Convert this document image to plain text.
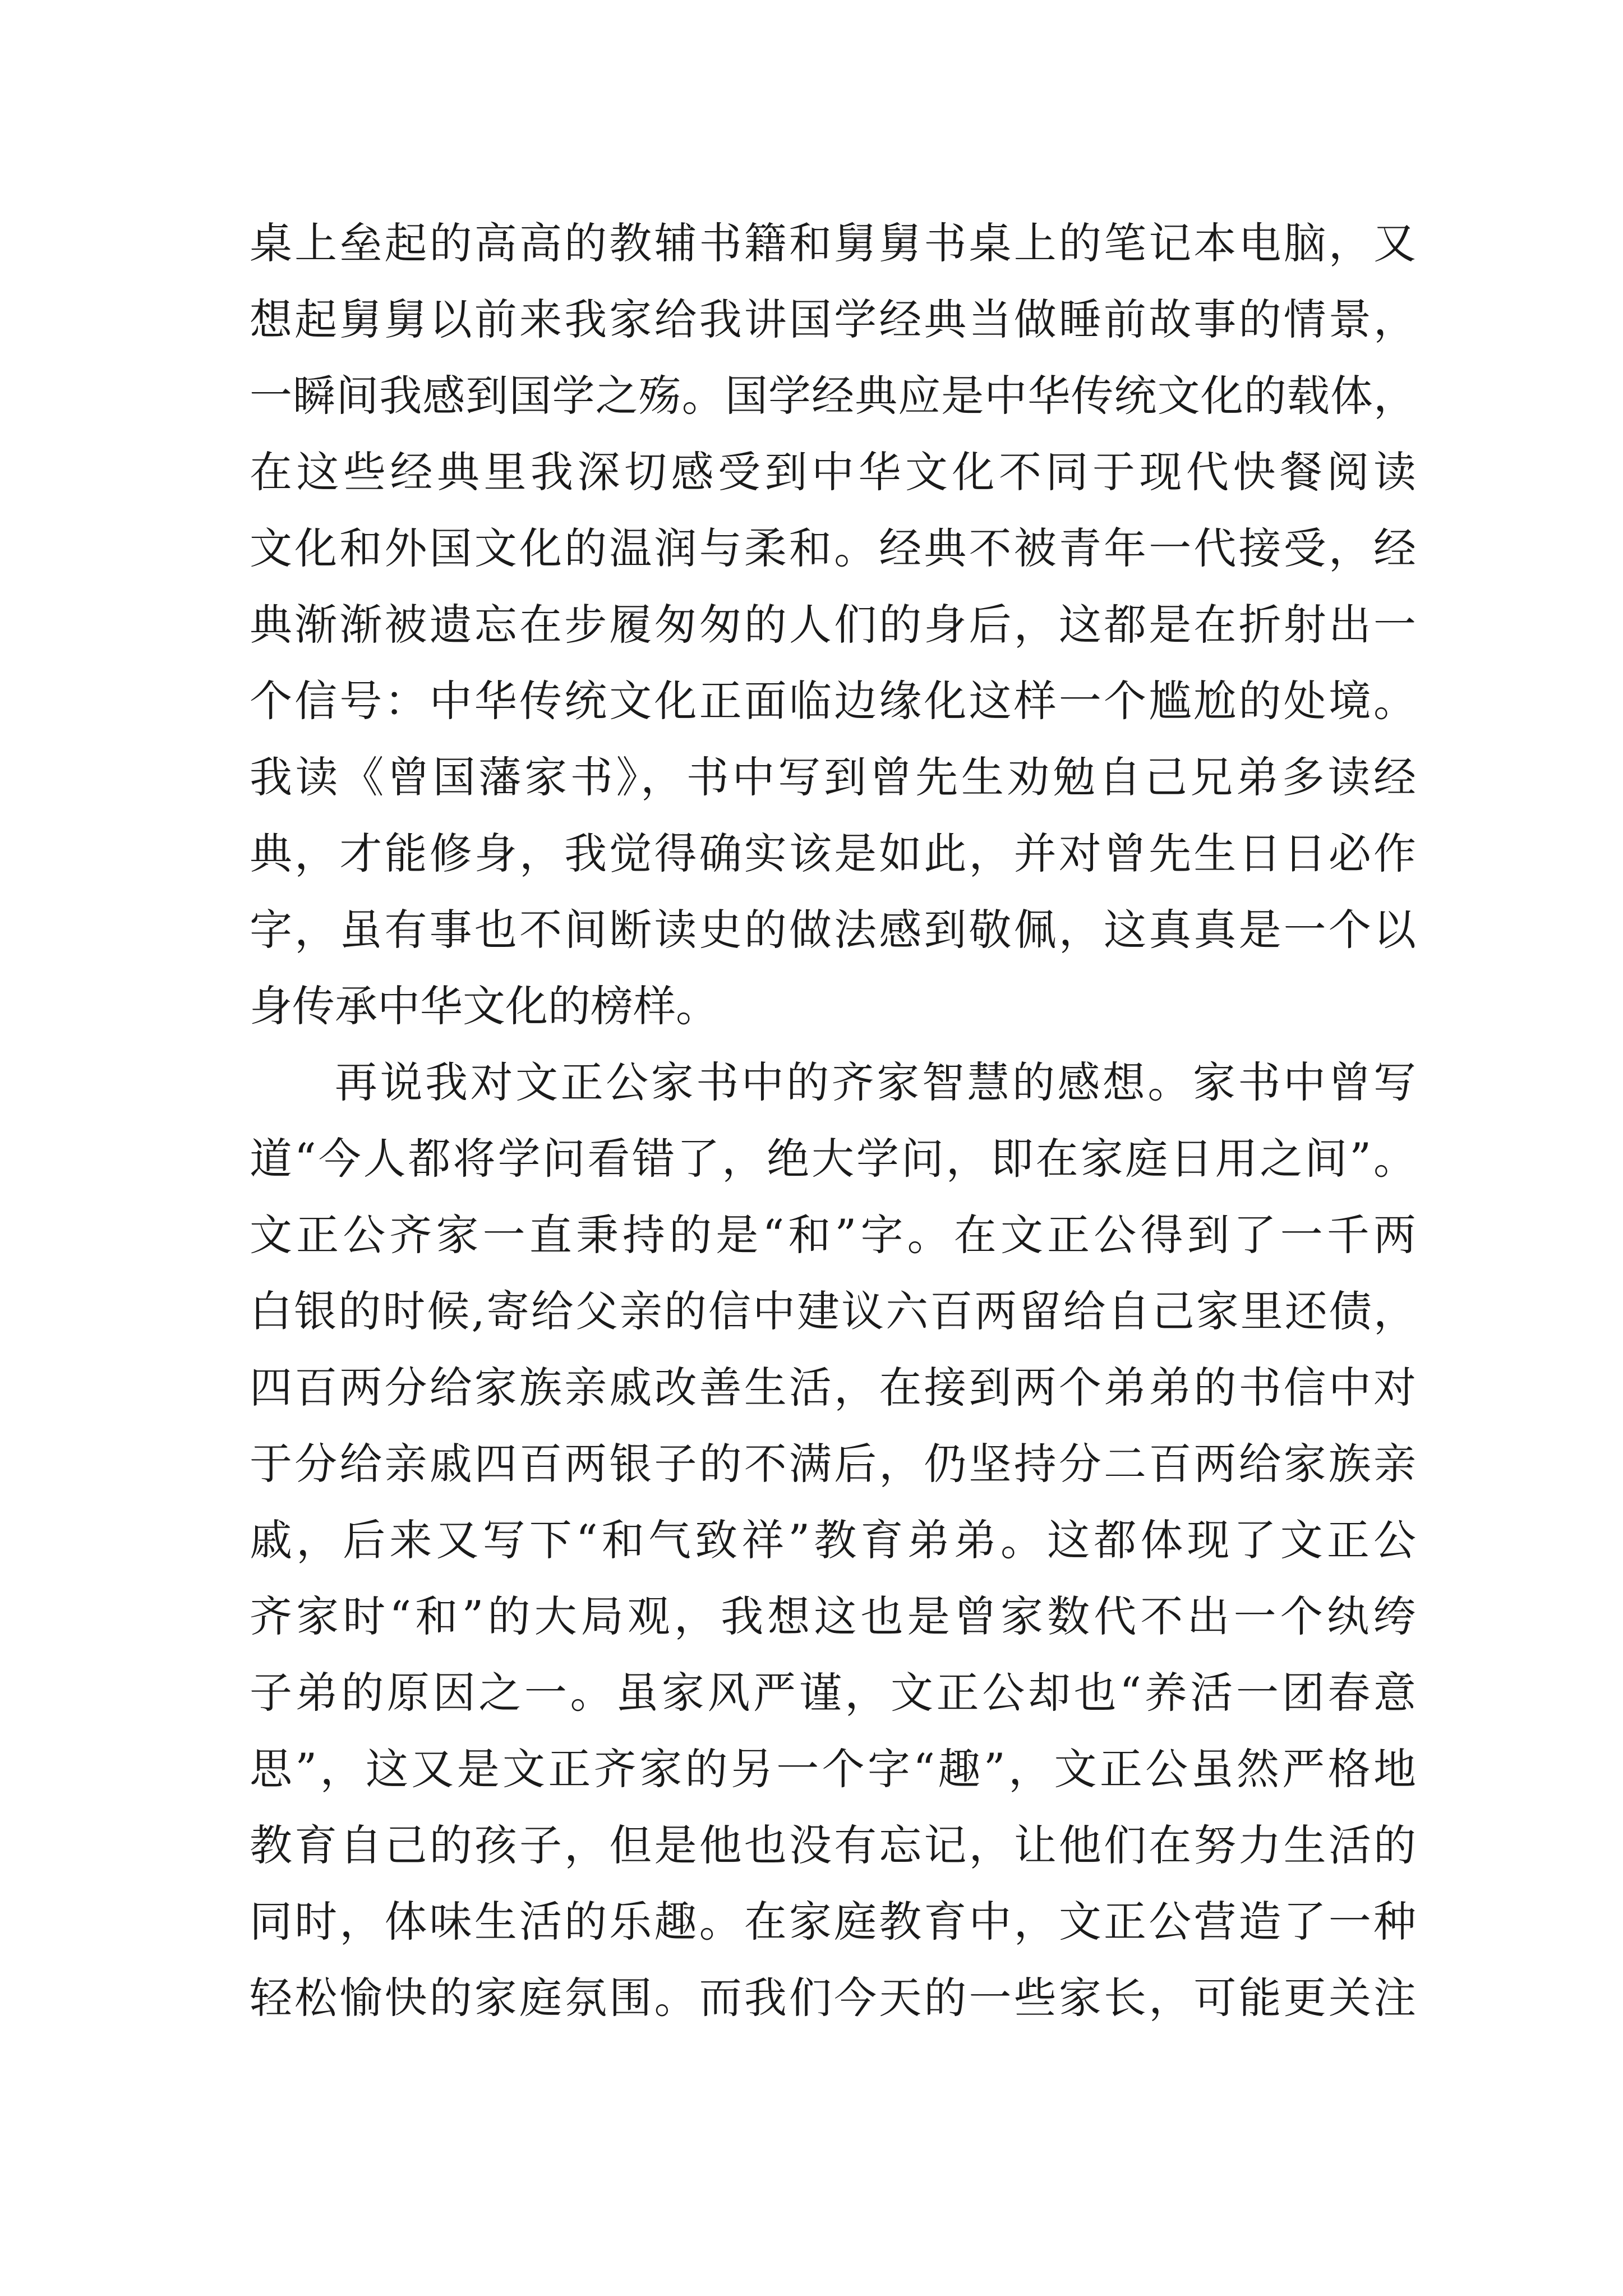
桌上垒起的高高的教辅书籍和舅舅书桌上的笔记本电脑，又
想起舅舅以前来我家给我讲国学经典当做睡前故事的情景，
一瞬间我感到国学之殇。国学经典应是中华传统文化的载体，
在这些经典里我深切感受到中华文化不同于现代快餐阅读
文化和外国文化的温润与柔和。经典不被青年一代接受，经
典渐渐被遗忘在步履匆匆的人们的身后，这都是在折射出一
个信号：中华传统文化正面临边缘化这样一个尴尬的处境。
我读《曾国藩家书》，书中写到曾先生劝勉自己兄弟多读经
典，才能修身，我觉得确实该是如此，并对曾先生日日必作
字，虽有事也不间断读史的做法感到敬佩，这真真是一个以
身传承中华文化的榜样。
再说我对文正公家书中的齐家智慧的感想。家书中曾写
道“今人都将学问看错了，绝大学问，即在家庭日用之间”。
文正公齐家一直秉持的是“和”字。在文正公得到了一千两
白银的时候,寄给父亲的信中建议六百两留给自己家里还债，
四百两分给家族亲戚改善生活，在接到两个弟弟的书信中对
于分给亲戚四百两银子的不满后，仍坚持分二百两给家族亲
戚，后来又写下“和气致祥”教育弟弟。这都体现了文正公
齐家时“和”的大局观，我想这也是曾家数代不出一个纨绔
子弟的原因之一。虽家风严谨，文正公却也“养活一团春意
思”，这又是文正齐家的另一个字“趣”，文正公虽然严格地
教育自己的孩子，但是他也没有忘记，让他们在努力生活的
同时，体味生活的乐趣。在家庭教育中，文正公营造了一种
轻松愉快的家庭氛围。而我们今天的一些家长，可能更关注
